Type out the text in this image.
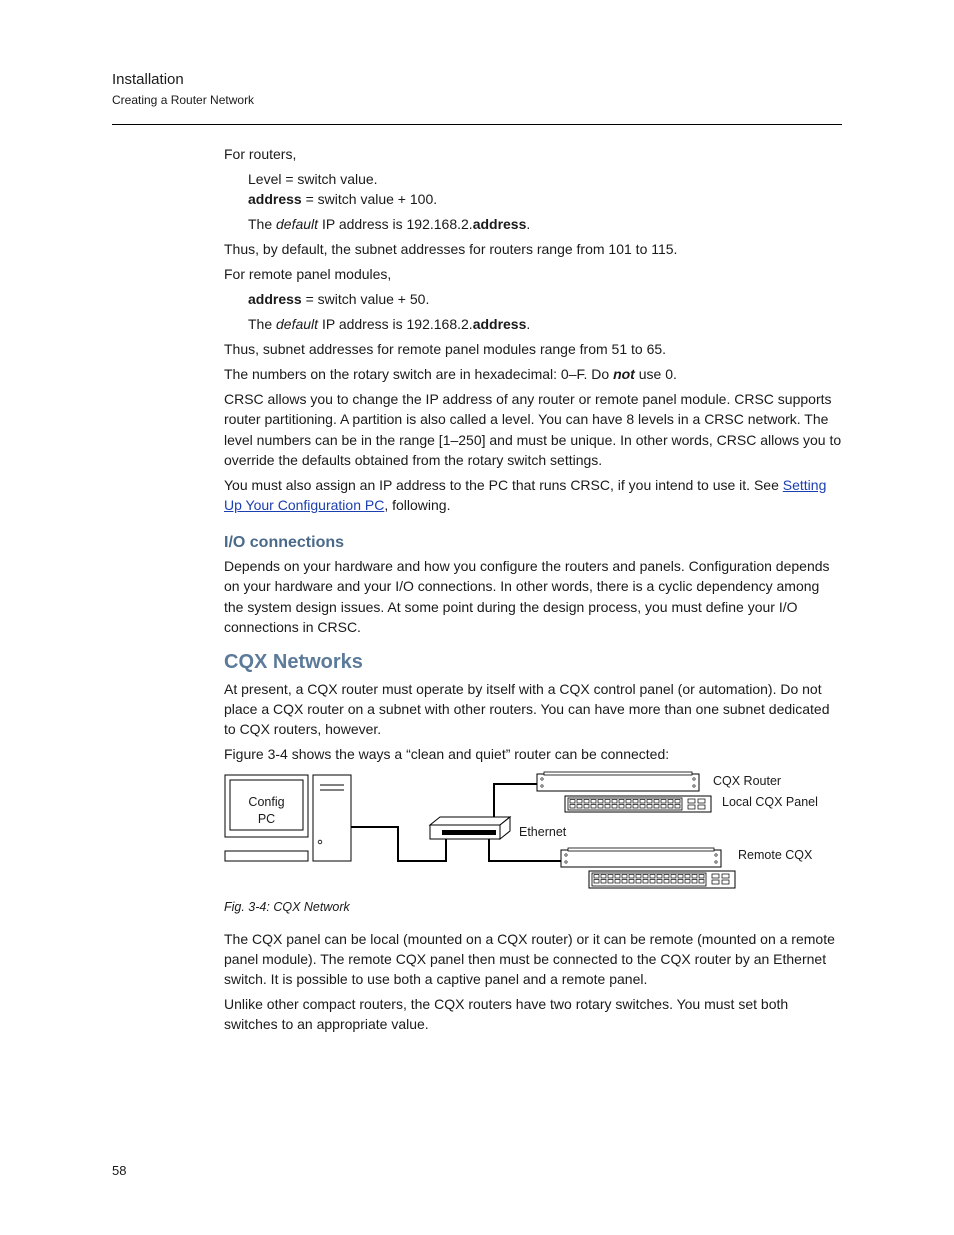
Installation
Creating a Router Network

For routers,

Level = switch value.

address = switch value + 100.

The default IP address is 192.168.2.address.

Thus, by default, the subnet addresses for routers range from 101 to 115.

For remote panel modules,

address = switch value + 50.

The default IP address is 192.168.2.address.

Thus, subnet addresses for remote panel modules range from 51 to 65.

The numbers on the rotary switch are in hexadecimal: 0–F. Do not use 0.

CRSC allows you to change the IP address of any router or remote panel module. CRSC supports router partitioning. A partition is also called a level. You can have 8 levels in a CRSC network. The level numbers can be in the range [1–250] and must be unique. In other words, CRSC allows you to override the defaults obtained from the rotary switch settings.

You must also assign an IP address to the PC that runs CRSC, if you intend to use it. See Setting Up Your Configuration PC, following.

I/O connections

Depends on your hardware and how you configure the routers and panels. Configuration depends on your hardware and your I/O connections. In other words, there is a cyclic dependency among the system design issues. At some point during the design process, you must define your I/O connections in CRSC.

CQX Networks

At present, a CQX router must operate by itself with a CQX control panel (or automation). Do not place a CQX router on a subnet with other routers. You can have more than one subnet dedicated to CQX routers, however.

Figure 3-4 shows the ways a “clean and quiet” router can be connected:

Config
PC
CQX Router
Local CQX Panel
Ethernet
Remote CQX
Fig. 3-4: CQX Network

The CQX panel can be local (mounted on a CQX router) or it can be remote (mounted on a remote panel module). The remote CQX panel then must be connected to the CQX router by an Ethernet switch. It is possible to use both a captive panel and a remote panel.

Unlike other compact routers, the CQX routers have two rotary switches. You must set both switches to an appropriate value.

58
